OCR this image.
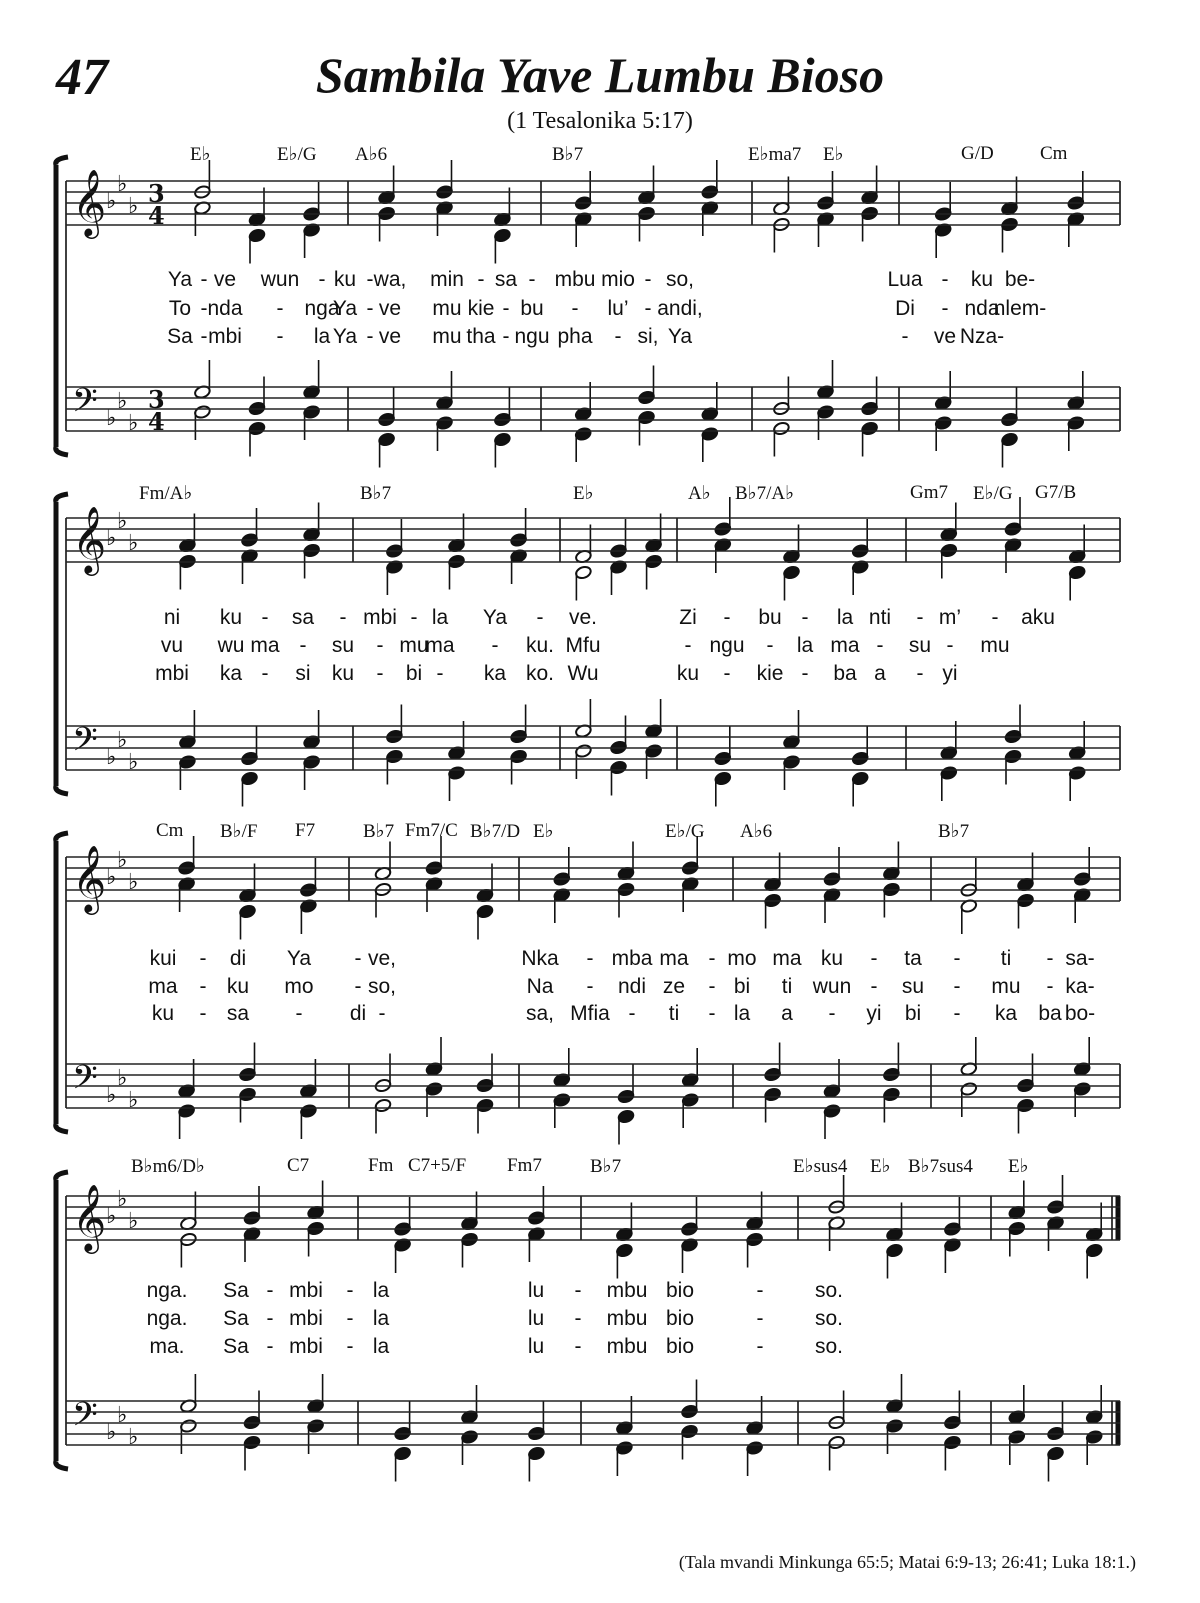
47	Sambila Yave Lumbu Bioso
(1 Tesalonika 5:17)
𝄞
𝄢
♭
♭
♭
♭
♭
♭
3
4
3
4
𝄞
𝄢
♭
♭
♭
♭
♭
♭
𝄞
𝄢
♭
♭
♭
♭
♭
♭
𝄞
𝄢
♭
♭
♭
♭
♭
♭
E♭	E♭/G A♭6	B♭7	E♭ma7 E♭	G/D Cm
Fm/A♭	B♭7	E♭	A♭ B♭7/A♭	Gm7 E♭/G G7/B
Cm B♭/F F7	B♭7 Fm7/C B♭7/D E♭	E♭/G A♭6	B♭7
B♭m6/D♭	C7	Fm C7+5/F Fm7	B♭7	E♭sus4 E♭ B♭7sus4 E♭
Ya - ve wun - ku - wa, min - sa - mbu mio - so,	Lua - ku be-
To - nda - nga
Ya - ve mu kie - bu - lu’ - andi,	Di - nda
nlem-
Sa - mbi - la Ya - ve mu tha - ngu pha - si, Ya	- ve Nza-
ni ku - sa - mbi - la Ya - ve.	Zi - bu - la nti - m’ - aku
vu wu ma - su - mu
ma - ku. Mfu	- ngu - la ma - su - mu
mbi ka - si ku - bi - ka ko. Wu	ku - kie - ba a - yi
kui - di Ya - ve,	Nka - mba ma - mo ma ku - ta - ti - sa-
ma - ku mo - so,	Na - ndi ze - bi ti wun - su - mu - ka-
ku - sa - di -	sa, Mfia - ti - la a - yi bi - ka ba bo-
nga. Sa - mbi - la	lu - mbu bio	- so.
nga. Sa - mbi - la	lu - mbu bio	- so.
ma. Sa - mbi - la	lu - mbu bio	- so.
(Tala mvandi Minkunga 65:5; Matai 6:9-13; 26:41; Luka 18:1.)
